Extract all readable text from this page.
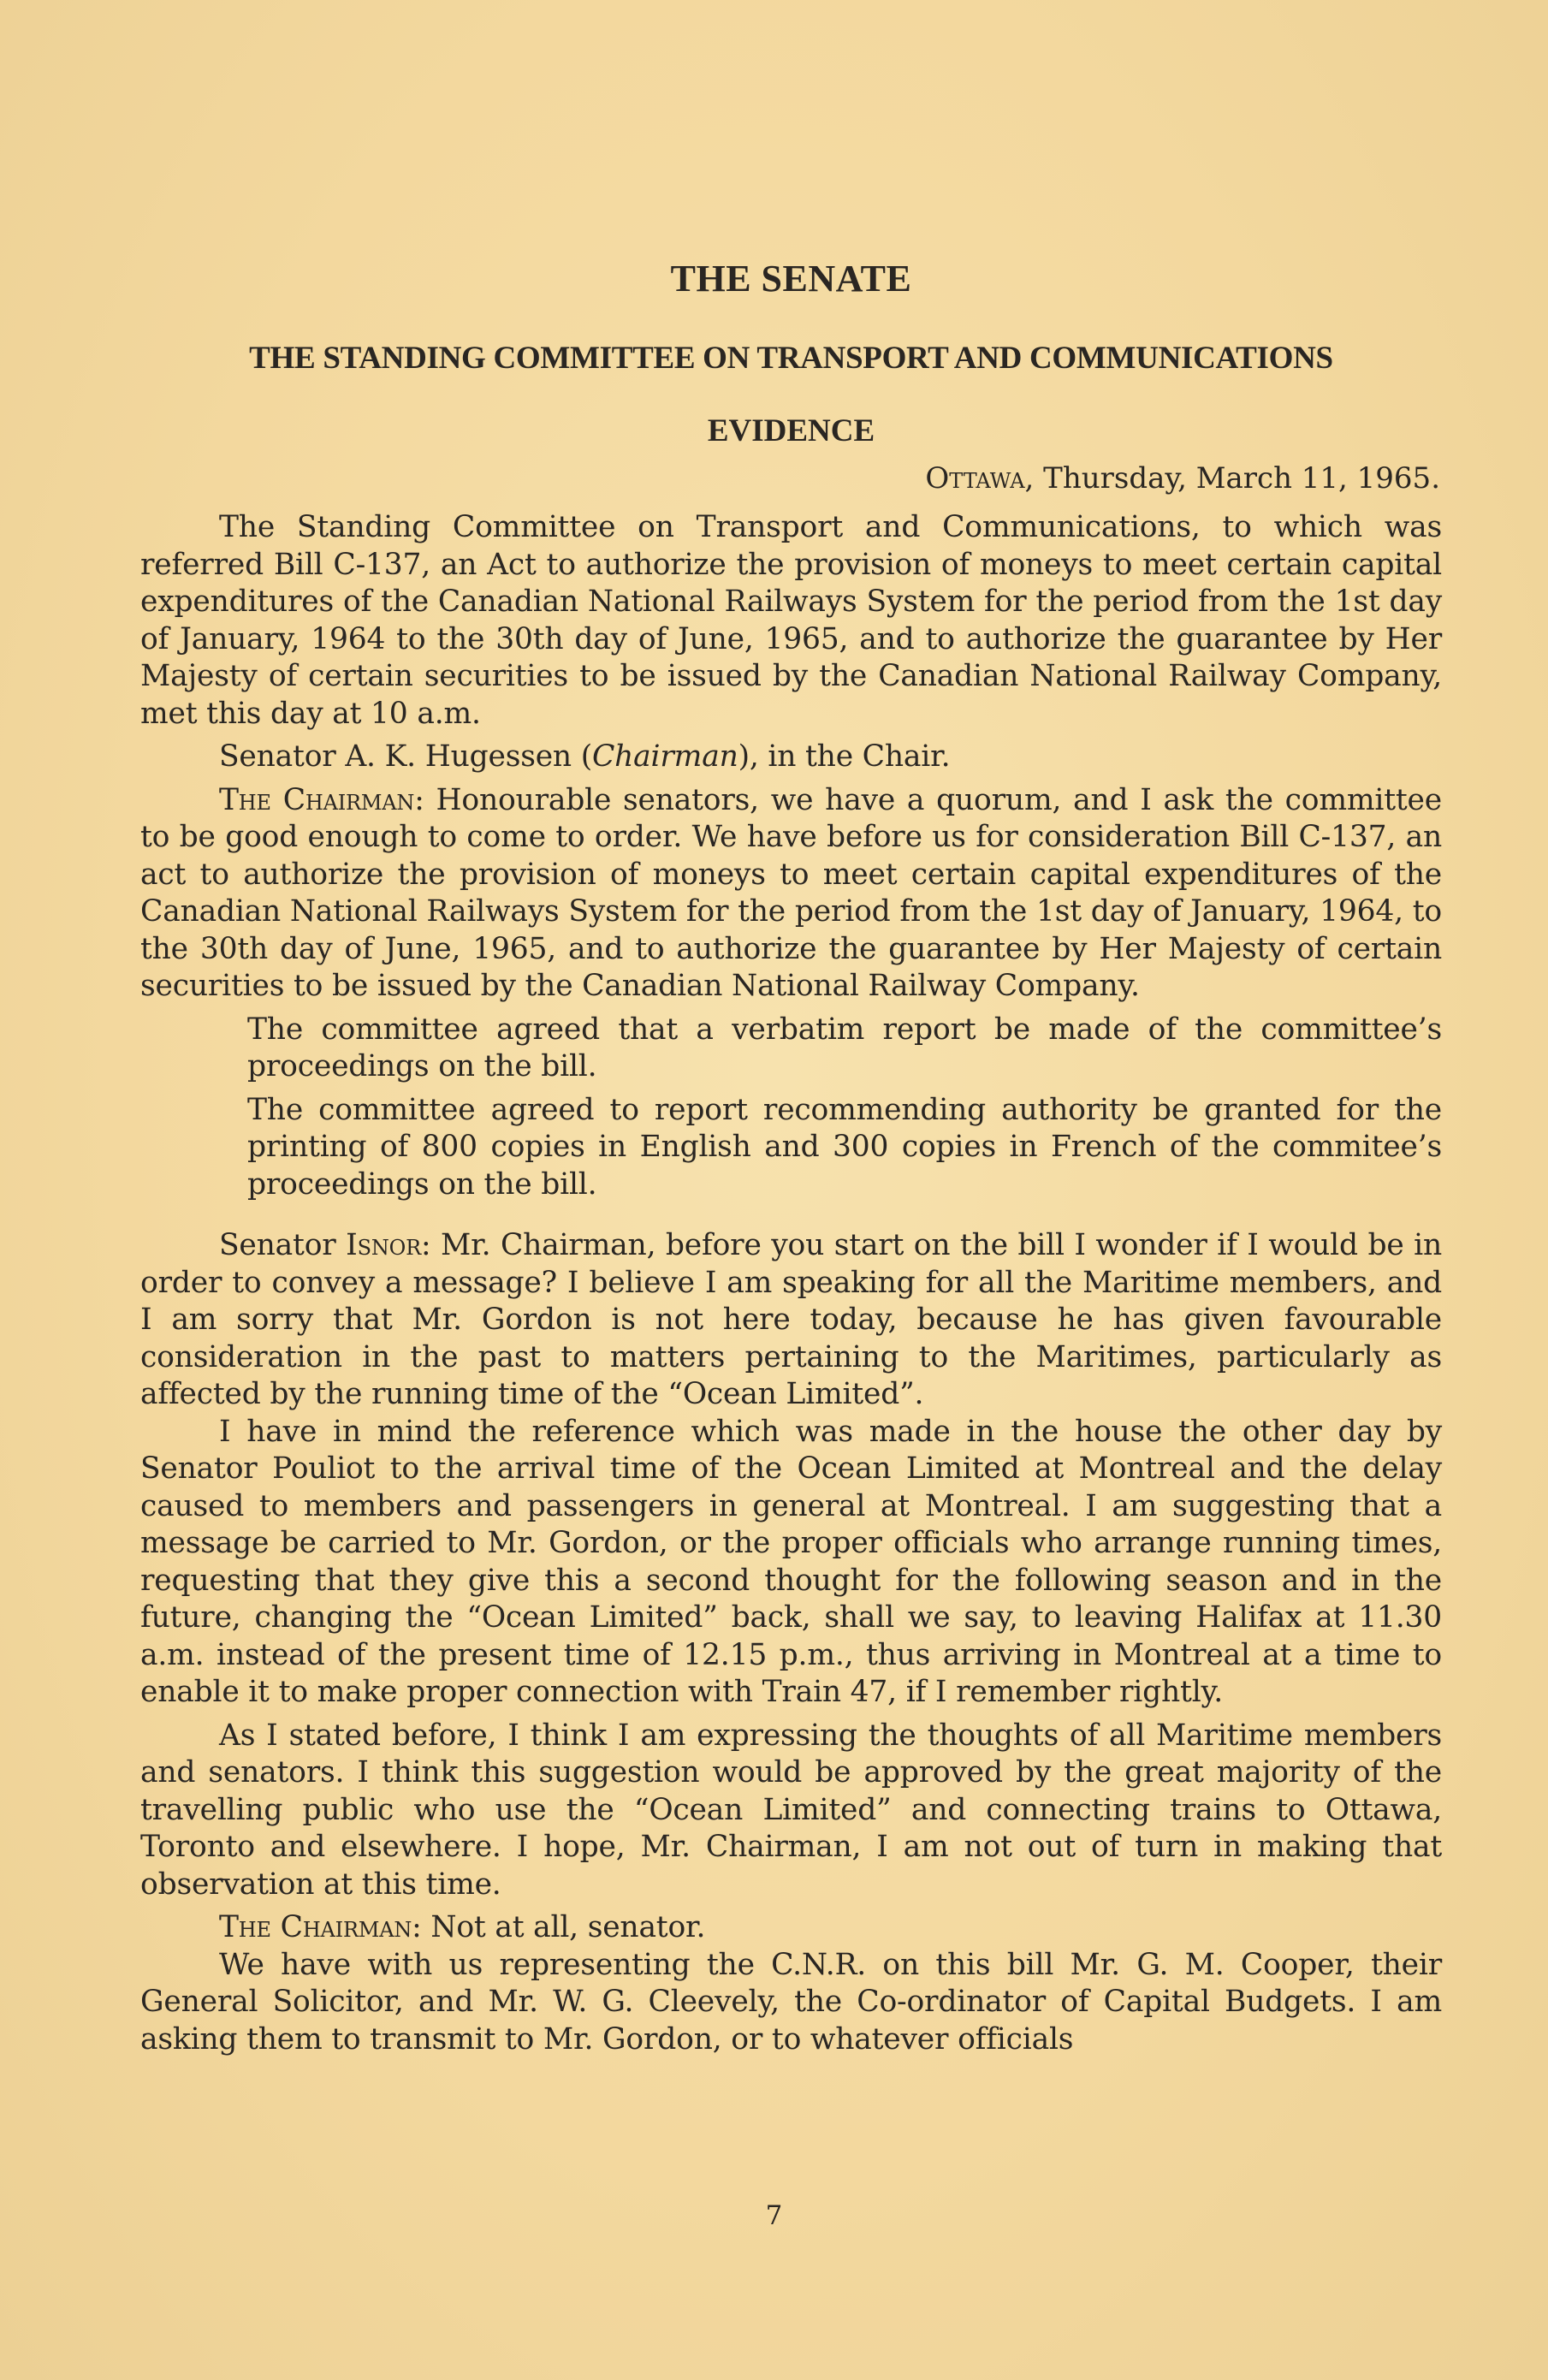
THE SENATE
THE STANDING COMMITTEE ON TRANSPORT AND COMMUNICATIONS
EVIDENCE
Ottawa, Thursday, March 11, 1965.

The Standing Committee on Transport and Communications, to which was referred Bill C-137, an Act to authorize the provision of moneys to meet certain capital expenditures of the Canadian National Railways System for the period from the 1st day of January, 1964 to the 30th day of June, 1965, and to authorize the guarantee by Her Majesty of certain securities to be issued by the Canadian National Railway Company, met this day at 10 a.m.

Senator A. K. Hugessen (Chairman), in the Chair.

The Chairman: Honourable senators, we have a quorum, and I ask the committee to be good enough to come to order. We have before us for consideration Bill C-137, an act to authorize the provision of moneys to meet certain capital expenditures of the Canadian National Railways System for the period from the 1st day of January, 1964, to the 30th day of June, 1965, and to authorize the guarantee by Her Majesty of certain securities to be issued by the Canadian National Railway Company.

The committee agreed that a verbatim report be made of the committee’s proceedings on the bill.

The committee agreed to report recommending authority be granted for the printing of 800 copies in English and 300 copies in French of the commitee’s proceedings on the bill.

Senator Isnor: Mr. Chairman, before you start on the bill I wonder if I would be in order to convey a message? I believe I am speaking for all the Maritime members, and I am sorry that Mr. Gordon is not here today, because he has given favourable consideration in the past to matters pertaining to the Maritimes, particularly as affected by the running time of the “Ocean Limited”.

I have in mind the reference which was made in the house the other day by Senator Pouliot to the arrival time of the Ocean Limited at Montreal and the delay caused to members and passengers in general at Montreal. I am suggesting that a message be carried to Mr. Gordon, or the proper officials who arrange running times, requesting that they give this a second thought for the following season and in the future, changing the “Ocean Limited” back, shall we say, to leaving Halifax at 11.30 a.m. instead of the present time of 12.15 p.m., thus arriving in Montreal at a time to enable it to make proper connection with Train 47, if I remember rightly.

As I stated before, I think I am expressing the thoughts of all Maritime members and senators. I think this suggestion would be approved by the great majority of the travelling public who use the “Ocean Limited” and connecting trains to Ottawa, Toronto and elsewhere. I hope, Mr. Chairman, I am not out of turn in making that observation at this time.

The Chairman: Not at all, senator.

We have with us representing the C.N.R. on this bill Mr. G. M. Cooper, their General Solicitor, and Mr. W. G. Cleevely, the Co-ordinator of Capital Budgets. I am asking them to transmit to Mr. Gordon, or to whatever officials

7
